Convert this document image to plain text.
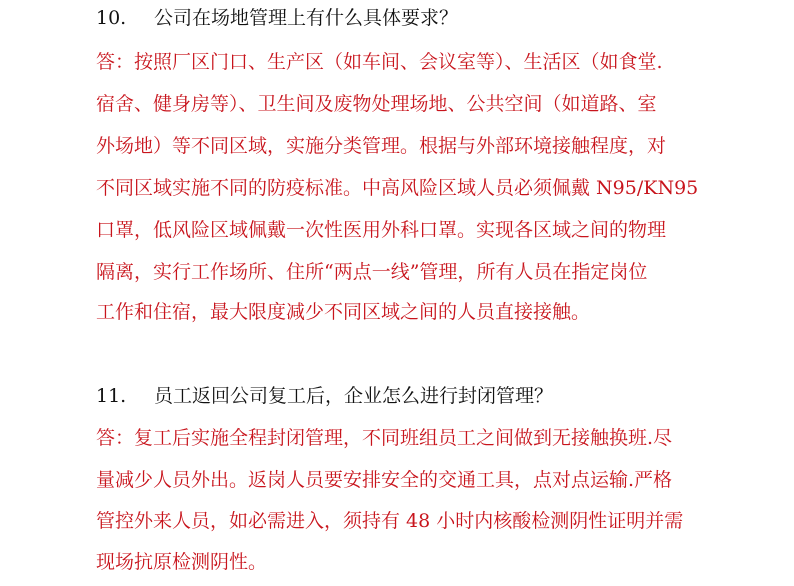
10. 公司在场地管理上有什么具体要求？
答：按照厂区门口、生产区（如车间、会议室等）、生活区（如食堂.
宿舍、健身房等）、卫生间及废物处理场地、公共空间（如道路、室
外场地）等不同区域，实施分类管理。根据与外部环境接触程度，对
不同区域实施不同的防疫标准。中高风险区域人员必须佩戴 N95/KN95
口罩，低风险区域佩戴一次性医用外科口罩。实现各区域之间的物理
隔离，实行工作场所、住所“两点一线”管理，所有人员在指定岗位
工作和住宿，最大限度减少不同区域之间的人员直接接触。
11. 员工返回公司复工后，企业怎么进行封闭管理？
答：复工后实施全程封闭管理，不同班组员工之间做到无接触换班.尽
量减少人员外出。返岗人员要安排安全的交通工具，点对点运输.严格
管控外来人员，如必需进入，须持有 48 小时内核酸检测阴性证明并需
现场抗原检测阴性。
